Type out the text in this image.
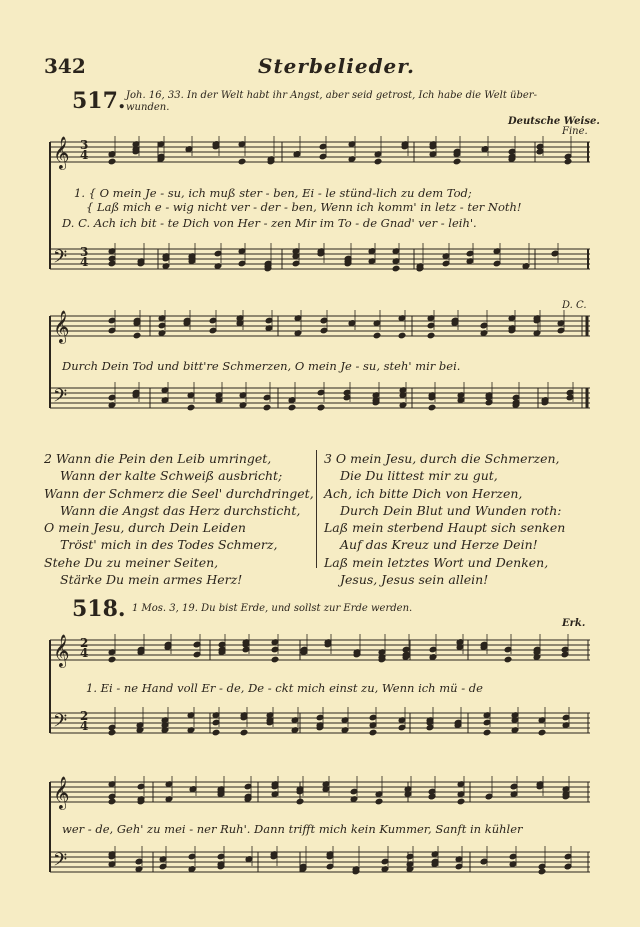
342	Sterbelieder.
517. Joh. 16, 33. In der Welt habt ihr Angst, aber seid getrost, Ich habe die Welt über-
wunden.
Deutsche Weise.
Fine.
𝄞
𝄢
𝄞
𝄢
𝄞
𝄢
𝄞
𝄢
3
4
3
4
2
4
2
4
1. { O mein Je - su, ich muß ster - ben, Ei - le stünd-lich zu dem Tod;
{ Laß mich e - wig nicht ver - der - ben, Wenn ich komm' in letz - ter Noth!
D. C. Ach ich bit - te Dich von Her - zen Mir im To - de Gnad' ver - leih'.
D. C.
Durch Dein Tod und bitt're Schmerzen, O mein Je - su, steh' mir bei.
2 Wann die Pein den Leib umringet,
Wann der kalte Schweiß ausbricht;
Wann der Schmerz die Seel' durchdringet,
Wann die Angst das Herz durchsticht,
O mein Jesu, durch Dein Leiden
Tröst' mich in des Todes Schmerz,
Stehe Du zu meiner Seiten,
Stärke Du mein armes Herz!
3 O mein Jesu, durch die Schmerzen,
Die Du littest mir zu gut,
Ach, ich bitte Dich von Herzen,
Durch Dein Blut und Wunden roth:
Laß mein sterbend Haupt sich senken
Auf das Kreuz und Herze Dein!
Laß mein letztes Wort und Denken,
Jesus, Jesus sein allein!
518. 1 Mos. 3, 19. Du bist Erde, und sollst zur Erde werden.
Erk.
1. Ei - ne Hand voll Er - de, De - ckt mich einst zu, Wenn ich mü - de
wer - de, Geh' zu mei - ner Ruh'. Dann trifft mich kein Kummer, Sanft in kühler
